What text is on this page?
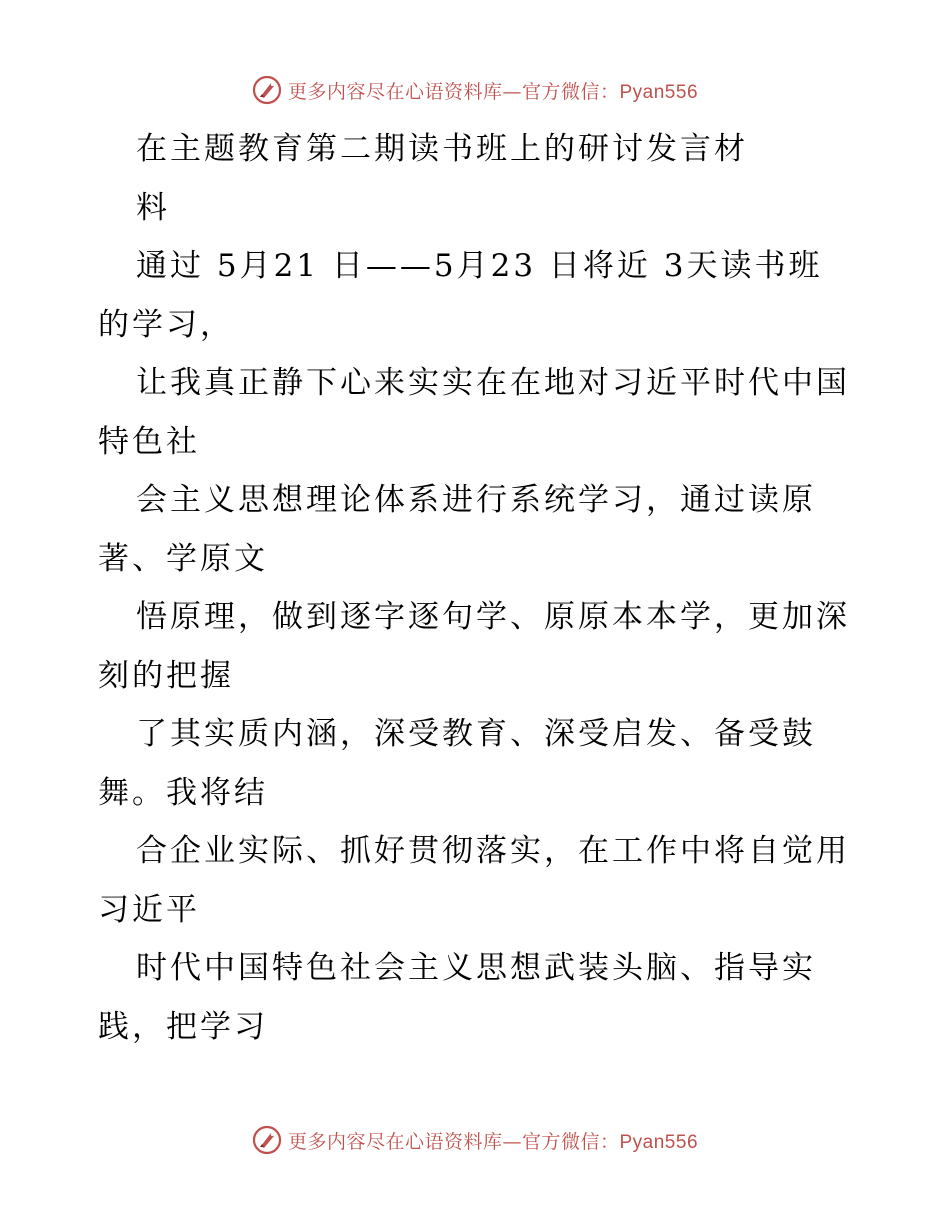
更多内容尽在心语资料库—官方微信：Pyan556
在主题教育第二期读书班上的研讨发言材
料
通过 5月21 日——5月23 日将近 3天读书班
的学习，
让我真正静下心来实实在在地对习近平时代中国
特色社
会主义思想理论体系进行系统学习，通过读原
著、学原文
悟原理，做到逐字逐句学、原原本本学，更加深
刻的把握
了其实质内涵，深受教育、深受启发、备受鼓
舞。我将结
合企业实际、抓好贯彻落实，在工作中将自觉用
习近平
时代中国特色社会主义思想武装头脑、指导实
践，把学习
更多内容尽在心语资料库—官方微信：Pyan556
